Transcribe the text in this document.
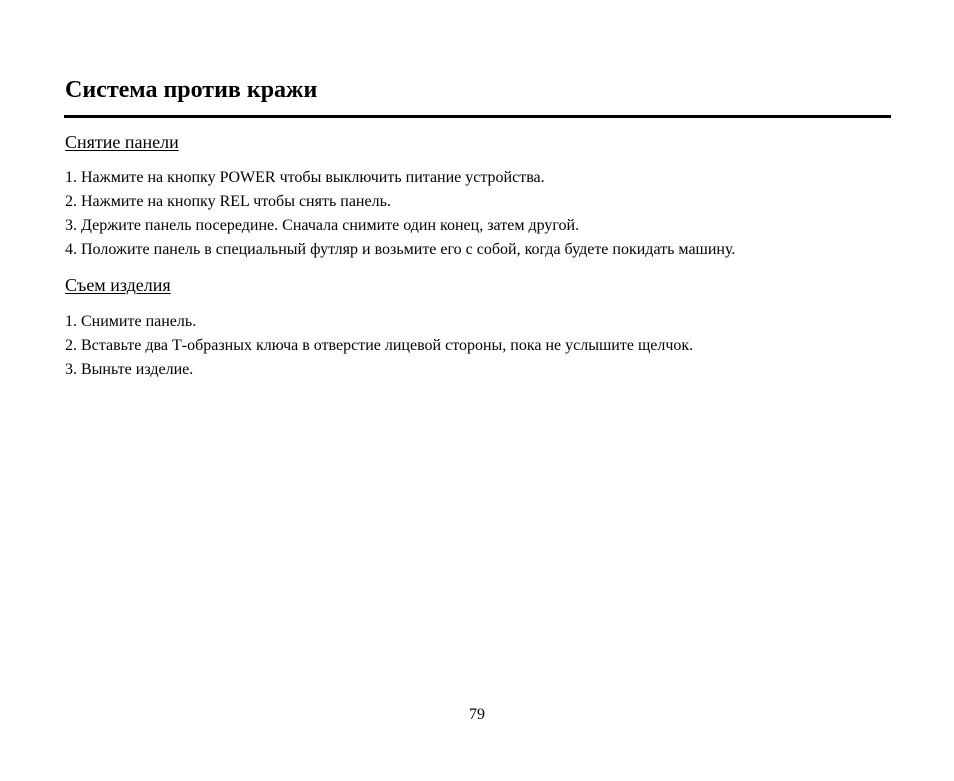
Система против кражи
Снятие панели
1. Нажмите на кнопку POWER чтобы выключить питание устройства.
2. Нажмите на кнопку REL чтобы снять панель.
3. Держите панель посередине. Сначала снимите один конец, затем другой.
4. Положите панель в специальный футляр и возьмите его с собой, когда будете покидать машину.
Съем изделия
1. Снимите панель.
2. Вставьте два Т-образных ключа в отверстие лицевой стороны, пока не услышите щелчок.
3. Выньте изделие.
79
